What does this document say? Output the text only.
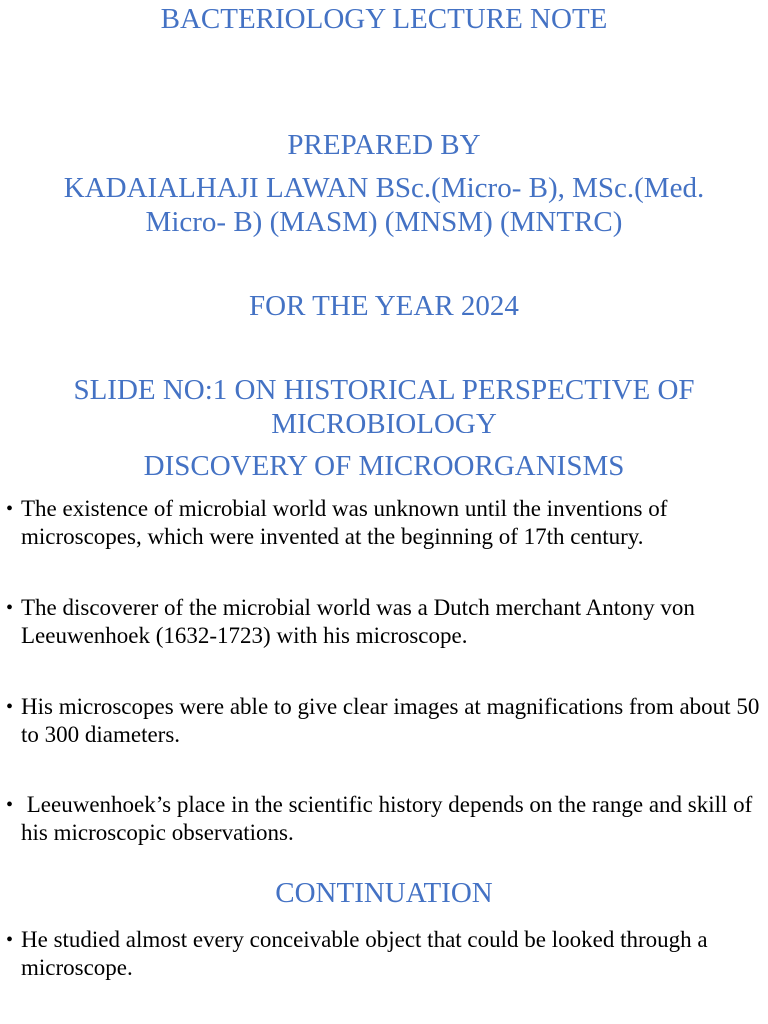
BACTERIOLOGY LECTURE NOTE
PREPARED BY
KADAIALHAJI LAWAN BSc.(Micro- B), MSc.(Med. Micro- B) (MASM) (MNSM) (MNTRC)
FOR THE YEAR 2024
SLIDE NO:1 ON HISTORICAL PERSPECTIVE OF MICROBIOLOGY
DISCOVERY OF MICROORGANISMS
• The existence of microbial world was unknown until the inventions of microscopes, which were invented at the beginning of 17th century.
• The discoverer of the microbial world was a Dutch merchant Antony von Leeuwenhoek (1632-1723) with his microscope.
• His microscopes were able to give clear images at magnifications from about 50 to 300 diameters.
• Leeuwenhoek’s place in the scientific history depends on the range and skill of his microscopic observations.
CONTINUATION
• He studied almost every conceivable object that could be looked through a microscope.
